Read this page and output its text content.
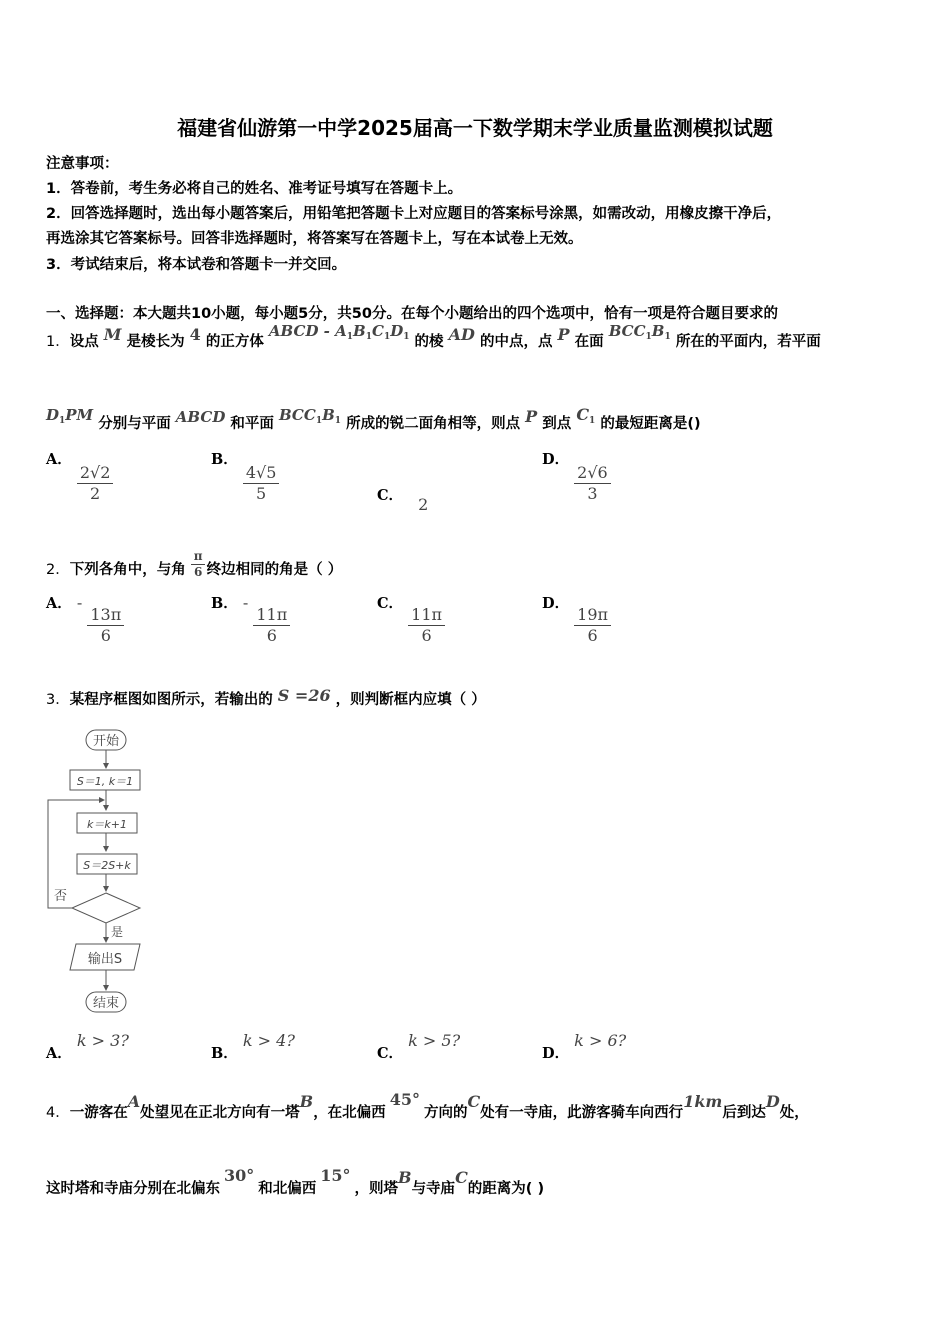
福建省仙游第一中学2025届高一下数学期末学业质量监测模拟试题
注意事项：
1．答卷前，考生务必将自己的姓名、准考证号填写在答题卡上。
2．回答选择题时，选出每小题答案后，用铅笔把答题卡上对应题目的答案标号涂黑，如需改动，用橡皮擦干净后，
再选涂其它答案标号。回答非选择题时，将答案写在答题卡上，写在本试卷上无效。
3．考试结束后，将本试卷和答题卡一并交回。
一、选择题：本大题共10小题，每小题5分，共50分。在每个小题给出的四个选项中，恰有一项是符合题目要求的
1．设点 M 是棱长为 4 的正方体 ABCD - $A_1B_1C_1D_1$ 的棱 AD 的中点，点 P 在面 $BCC_1B_1$ 所在的平面内，若平面
$D_1PM$ 分别与平面 ABCD 和平面 $BCC_1B_1$ 所成的锐二面角相等，则点 P 到点 $C_1$ 的最短距离是()
A．
$\frac{2√2}{2}$
B．
$\frac{4√5}{5}$	C． 2
D．
$\frac{2√6}{3}$
2．下列各角中，与角 $\frac{\pi}{6}$ 终边相同的角是（ ）
A． -
$\frac{13\pi}{6}$
B． -
$\frac{11\pi}{6}$
C．
$\frac{11\pi}{6}$
D．
$\frac{19\pi}{6}$
3．某程序框图如图所示，若输出的 S =26 ，则判断框内应填（ ）
开始
S＝1, k＝1
k＝k+1
S＝2S+k
否
是
输出S
结束
A． k > 3?
B． k > 4?
C． k > 5?
D． k > 6?
4．一游客在A处望见在正北方向有一塔B，在北偏西45°方向的C处有一寺庙，此游客骑车向西行1km后到达D处，
这时塔和寺庙分别在北偏东30°和北偏西15°，则塔B与寺庙C的距离为( )
